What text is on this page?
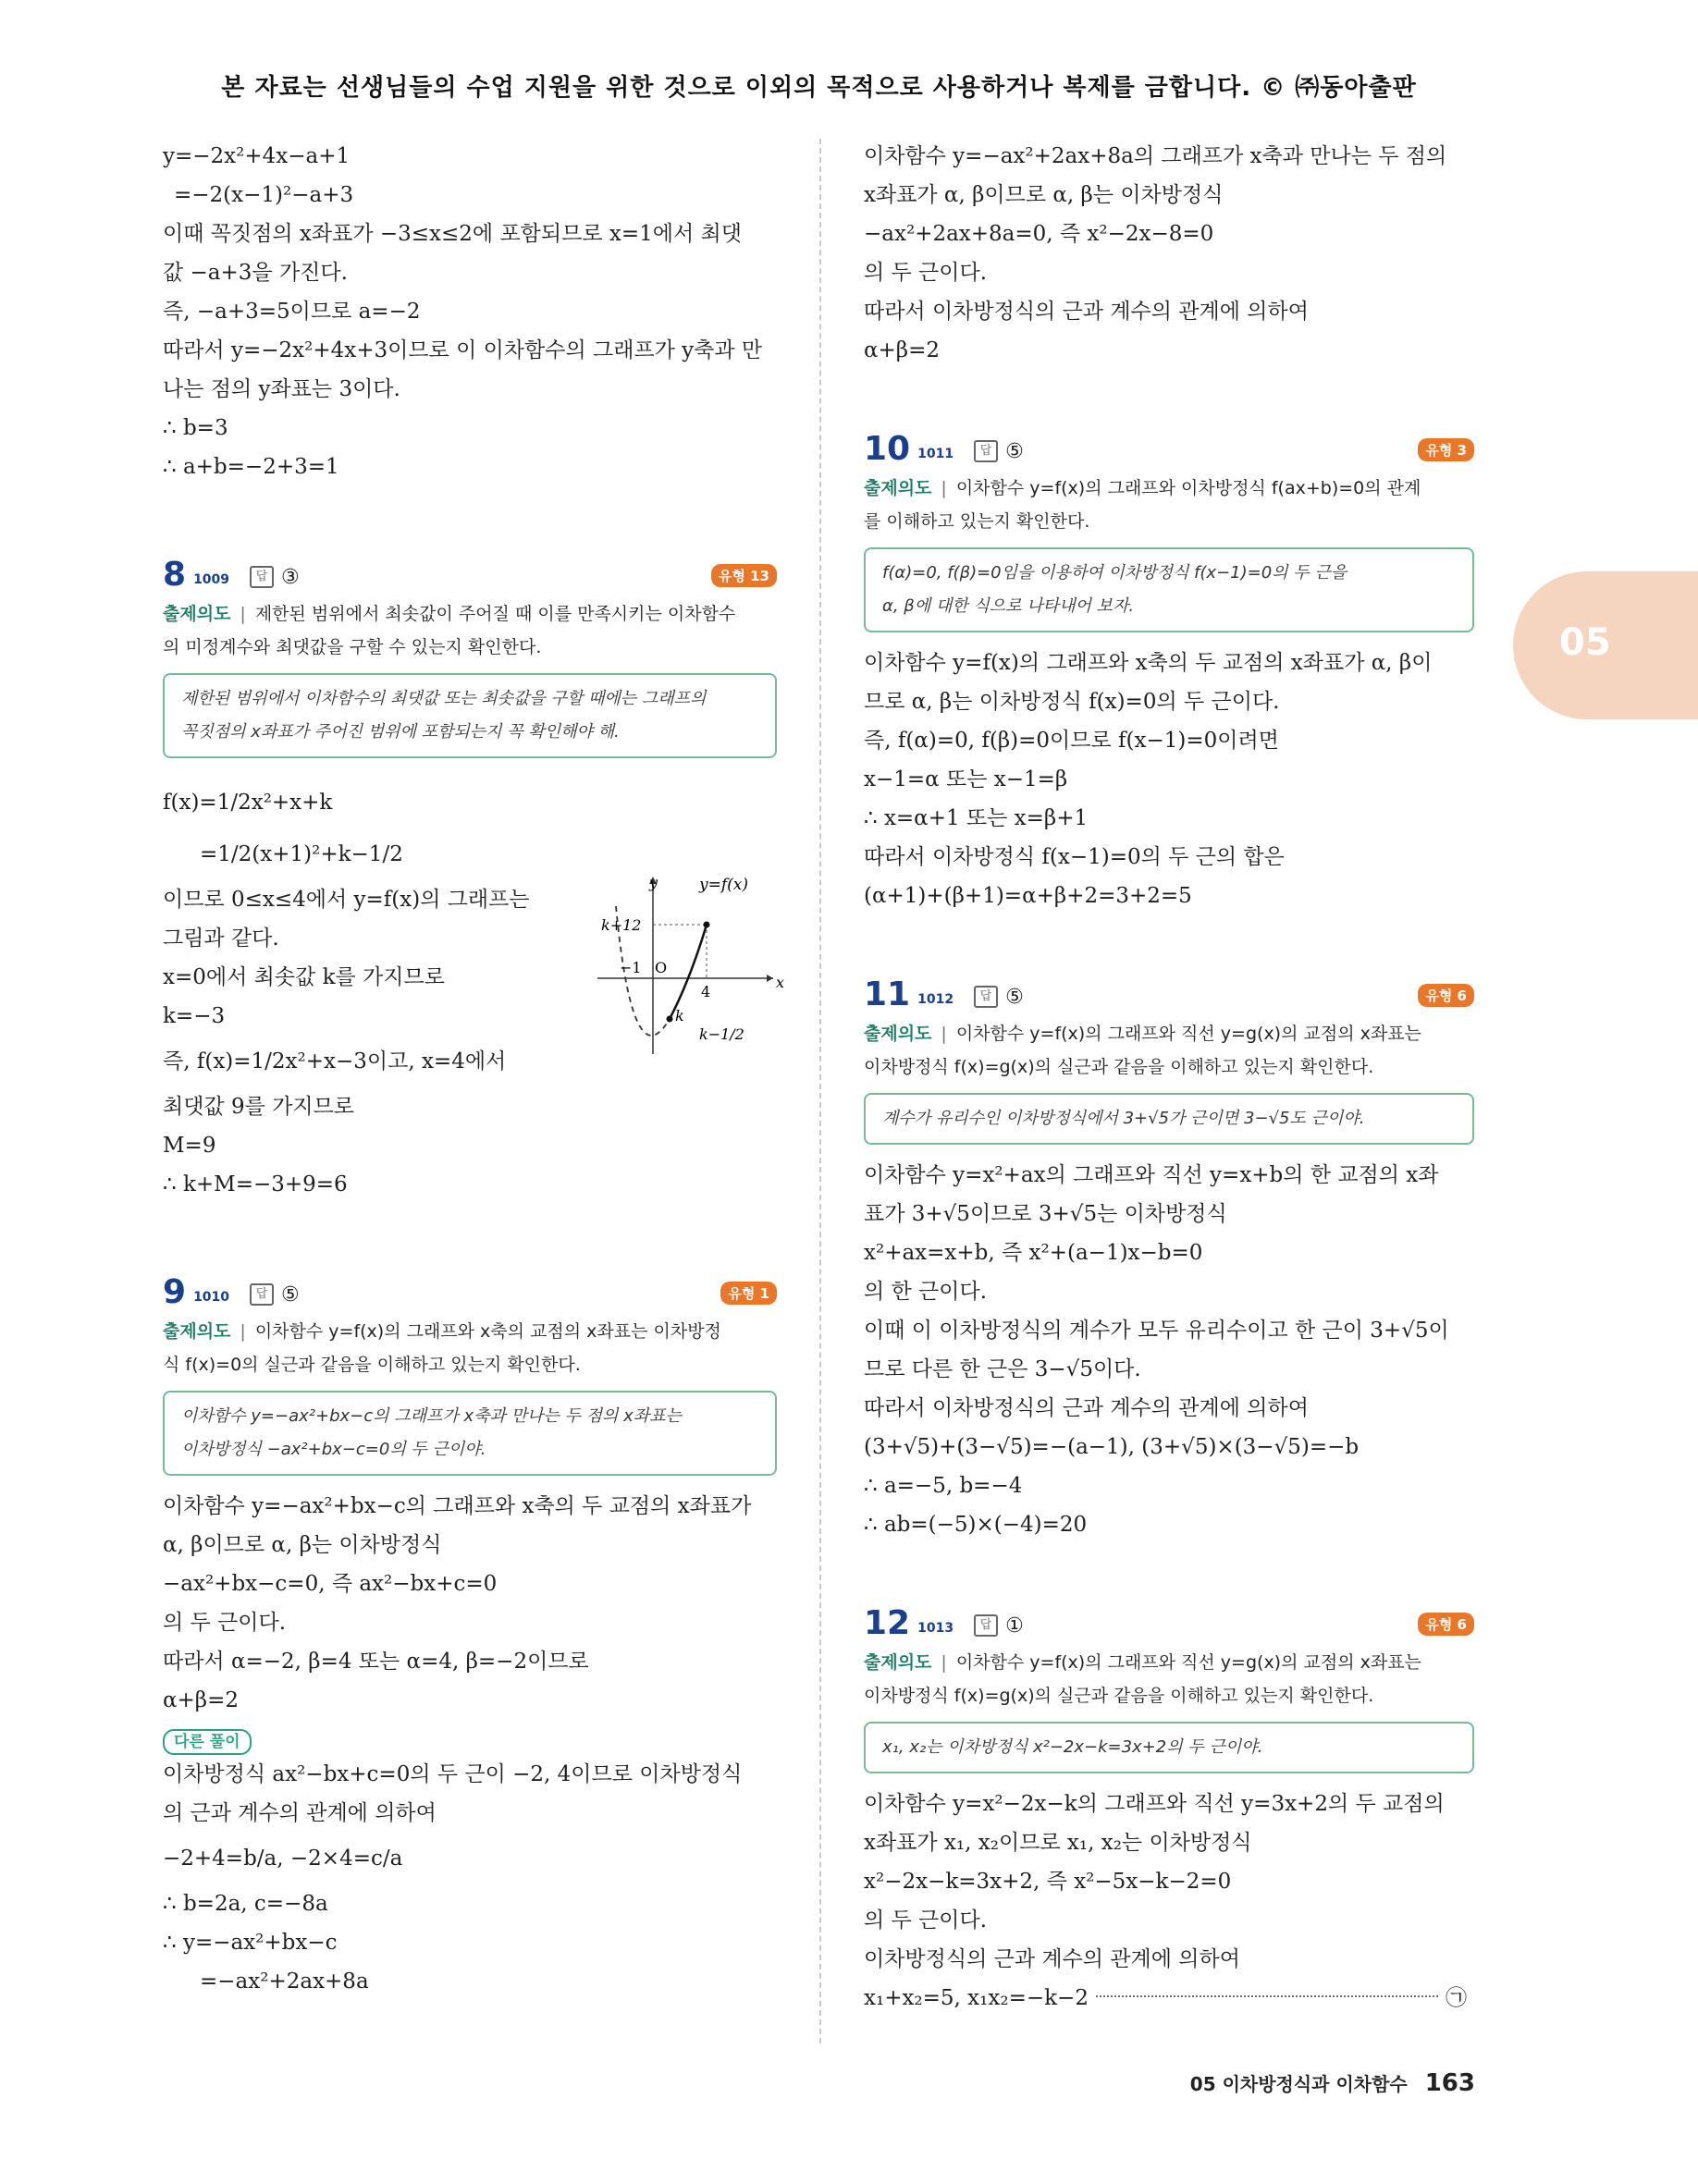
본 자료는 선생님들의 수업 지원을 위한 것으로 이외의 목적으로 사용하거나 복제를 금합니다. © ㈜동아출판
05
y=−2x²+4x−a+1
=−2(x−1)²−a+3
이때 꼭짓점의 x좌표가 −3≤x≤2에 포함되므로 x=1에서 최댓
값 −a+3을 가진다.
즉, −a+3=5이므로 a=−2
따라서 y=−2x²+4x+3이므로 이 이차함수의 그래프가 y축과 만
나는 점의 y좌표는 3이다.
∴ b=3
∴ a+b=−2+3=1
8 1009	답 ③	유형 13
출제의도 | 제한된 범위에서 최솟값이 주어질 때 이를 만족시키는 이차함수
의 미정계수와 최댓값을 구할 수 있는지 확인한다.
제한된 범위에서 이차함수의 최댓값 또는 최솟값을 구할 때에는 그래프의
꼭짓점의 x좌표가 주어진 범위에 포함되는지 꼭 확인해야 해.
f(x)=1/2x²+x+k
=1/2(x+1)²+k−1/2
이므로 0≤x≤4에서 y=f(x)의 그래프는
그림과 같다.
x=0에서 최솟값 k를 가지므로
k=−3
즉, f(x)=1/2x²+x−3이고, x=4에서
최댓값 9를 가지므로
M=9
∴ k+M=−3+9=6
y	y=f(x)
x
k+12
−1 O
4
k
k−1/2
9 1010	답 ⑤	유형 1
출제의도 | 이차함수 y=f(x)의 그래프와 x축의 교점의 x좌표는 이차방정
식 f(x)=0의 실근과 같음을 이해하고 있는지 확인한다.
이차함수 y=−ax²+bx−c의 그래프가 x축과 만나는 두 점의 x좌표는
이차방정식 −ax²+bx−c=0의 두 근이야.
이차함수 y=−ax²+bx−c의 그래프와 x축의 두 교점의 x좌표가
α, β이므로 α, β는 이차방정식
−ax²+bx−c=0, 즉 ax²−bx+c=0
의 두 근이다.
따라서 α=−2, β=4 또는 α=4, β=−2이므로
α+β=2
다른 풀이
이차방정식 ax²−bx+c=0의 두 근이 −2, 4이므로 이차방정식
의 근과 계수의 관계에 의하여
−2+4=b/a, −2×4=c/a
∴ b=2a, c=−8a
∴ y=−ax²+bx−c
=−ax²+2ax+8a
이차함수 y=−ax²+2ax+8a의 그래프가 x축과 만나는 두 점의
x좌표가 α, β이므로 α, β는 이차방정식
−ax²+2ax+8a=0, 즉 x²−2x−8=0
의 두 근이다.
따라서 이차방정식의 근과 계수의 관계에 의하여
α+β=2
10 1011	답 ⑤	유형 3
출제의도 | 이차함수 y=f(x)의 그래프와 이차방정식 f(ax+b)=0의 관계
를 이해하고 있는지 확인한다.
f(α)=0, f(β)=0임을 이용하여 이차방정식 f(x−1)=0의 두 근을
α, β에 대한 식으로 나타내어 보자.
이차함수 y=f(x)의 그래프와 x축의 두 교점의 x좌표가 α, β이
므로 α, β는 이차방정식 f(x)=0의 두 근이다.
즉, f(α)=0, f(β)=0이므로 f(x−1)=0이려면
x−1=α 또는 x−1=β
∴ x=α+1 또는 x=β+1
따라서 이차방정식 f(x−1)=0의 두 근의 합은
(α+1)+(β+1)=α+β+2=3+2=5
11 1012	답 ⑤	유형 6
출제의도 | 이차함수 y=f(x)의 그래프와 직선 y=g(x)의 교점의 x좌표는
이차방정식 f(x)=g(x)의 실근과 같음을 이해하고 있는지 확인한다.
계수가 유리수인 이차방정식에서 3+√5가 근이면 3−√5도 근이야.
이차함수 y=x²+ax의 그래프와 직선 y=x+b의 한 교점의 x좌
표가 3+√5이므로 3+√5는 이차방정식
x²+ax=x+b, 즉 x²+(a−1)x−b=0
의 한 근이다.
이때 이 이차방정식의 계수가 모두 유리수이고 한 근이 3+√5이
므로 다른 한 근은 3−√5이다.
따라서 이차방정식의 근과 계수의 관계에 의하여
(3+√5)+(3−√5)=−(a−1), (3+√5)×(3−√5)=−b
∴ a=−5, b=−4
∴ ab=(−5)×(−4)=20
12 1013	답 ①	유형 6
출제의도 | 이차함수 y=f(x)의 그래프와 직선 y=g(x)의 교점의 x좌표는
이차방정식 f(x)=g(x)의 실근과 같음을 이해하고 있는지 확인한다.
x₁, x₂는 이차방정식 x²−2x−k=3x+2의 두 근이야.
이차함수 y=x²−2x−k의 그래프와 직선 y=3x+2의 두 교점의
x좌표가 x₁, x₂이므로 x₁, x₂는 이차방정식
x²−2x−k=3x+2, 즉 x²−5x−k−2=0
의 두 근이다.
이차방정식의 근과 계수의 관계에 의하여
x₁+x₂=5, x₁x₂=−k−2	㉠
05 이차방정식과 이차함수 163
